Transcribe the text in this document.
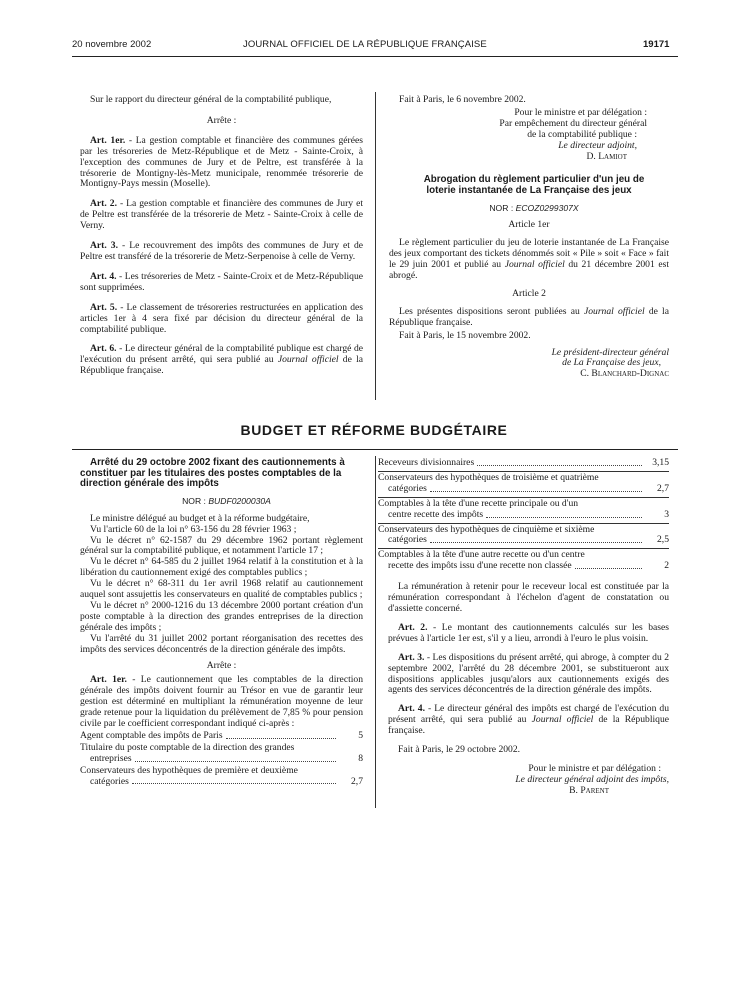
20 novembre 2002	JOURNAL OFFICIEL DE LA RÉPUBLIQUE FRANÇAISE	19171

Sur le rapport du directeur général de la comptabilité publique,

Arrête :

Art. 1er. - La gestion comptable et financière des communes gérées par les trésoreries de Metz-République et de Metz - Sainte-Croix, à l'exception des communes de Jury et de Peltre, est transférée à la trésorerie de Montigny-lès-Metz municipale, renommée trésorerie de Montigny-Pays messin (Moselle).

Art. 2. - La gestion comptable et financière des communes de Jury et de Peltre est transférée de la trésorerie de Metz - Sainte-Croix à celle de Verny.

Art. 3. - Le recouvrement des impôts des communes de Jury et de Peltre est transféré de la trésorerie de Metz-Serpenoise à celle de Verny.

Art. 4. - Les trésoreries de Metz - Sainte-Croix et de Metz-République sont supprimées.

Art. 5. - Le classement de trésoreries restructurées en application des articles 1er à 4 sera fixé par décision du directeur général de la comptabilité publique.

Art. 6. - Le directeur général de la comptabilité publique est chargé de l'exécution du présent arrêté, qui sera publié au Journal officiel de la République française.

Fait à Paris, le 6 novembre 2002.

Pour le ministre et par délégation :
Par empêchement du directeur général
de la comptabilité publique :
Le directeur adjoint,
D. Lamiot

Abrogation du règlement particulier d'un jeu de loterie instantanée de La Française des jeux

NOR : ECOZ0299307X

Article 1er

Le règlement particulier du jeu de loterie instantanée de La Française des jeux comportant des tickets dénommés soit « Pile » soit « Face » fait le 29 juin 2001 et publié au Journal officiel du 21 décembre 2001 est abrogé.

Article 2

Les présentes dispositions seront publiées au Journal officiel de la République française.

Fait à Paris, le 15 novembre 2002.

Le président-directeur général
de La Française des jeux,
C. Blanchard-Dignac
BUDGET ET RÉFORME BUDGÉTAIRE

Arrêté du 29 octobre 2002 fixant des cautionnements à constituer par les titulaires des postes comptables de la direction générale des impôts

NOR : BUDF0200030A

Le ministre délégué au budget et à la réforme budgétaire,

Vu l'article 60 de la loi n° 63-156 du 28 février 1963 ;

Vu le décret n° 62-1587 du 29 décembre 1962 portant règlement général sur la comptabilité publique, et notamment l'article 17 ;

Vu le décret n° 64-585 du 2 juillet 1964 relatif à la constitution et à la libération du cautionnement exigé des comptables publics ;

Vu le décret n° 68-311 du 1er avril 1968 relatif au cautionnement auquel sont assujettis les conservateurs en qualité de comptables publics ;

Vu le décret n° 2000-1216 du 13 décembre 2000 portant création d'un poste comptable à la direction des grandes entreprises de la direction générale des impôts ;

Vu l'arrêté du 31 juillet 2002 portant réorganisation des recettes des impôts des services déconcentrés de la direction générale des impôts.

Arrête :

Art. 1er. - Le cautionnement que les comptables de la direction générale des impôts doivent fournir au Trésor en vue de garantir leur gestion est déterminé en multipliant la rémunération moyenne de leur grade retenue pour la liquidation du prélèvement de 7,85 % pour pension civile par le coefficient correspondant indiqué ci-après :

Agent comptable des impôts de Paris	5
Titulaire du poste comptable de la direction des grandes
entreprises	8
Conservateurs des hypothèques de première et deuxième
catégories	2,7
Receveurs divisionnaires	3,15
Conservateurs des hypothèques de troisième et quatrième
catégories	2,7
Comptables à la tête d'une recette principale ou d'un
centre recette des impôts	3
Conservateurs des hypothèques de cinquième et sixième
catégories	2,5
Comptables à la tête d'une autre recette ou d'un centre
recette des impôts issu d'une recette non classée	2

La rémunération à retenir pour le receveur local est constituée par la rémunération correspondant à l'échelon d'agent de constatation ou d'assiette concerné.

Art. 2. - Le montant des cautionnements calculés sur les bases prévues à l'article 1er est, s'il y a lieu, arrondi à l'euro le plus voisin.

Art. 3. - Les dispositions du présent arrêté, qui abroge, à compter du 2 septembre 2002, l'arrêté du 28 décembre 2001, se substitueront aux dispositions applicables jusqu'alors aux cautionnements exigés des agents des services déconcentrés de la direction générale des impôts.

Art. 4. - Le directeur général des impôts est chargé de l'exécution du présent arrêté, qui sera publié au Journal officiel de la République française.

Fait à Paris, le 29 octobre 2002.

Pour le ministre et par délégation :
Le directeur général adjoint des impôts,
B. Parent
